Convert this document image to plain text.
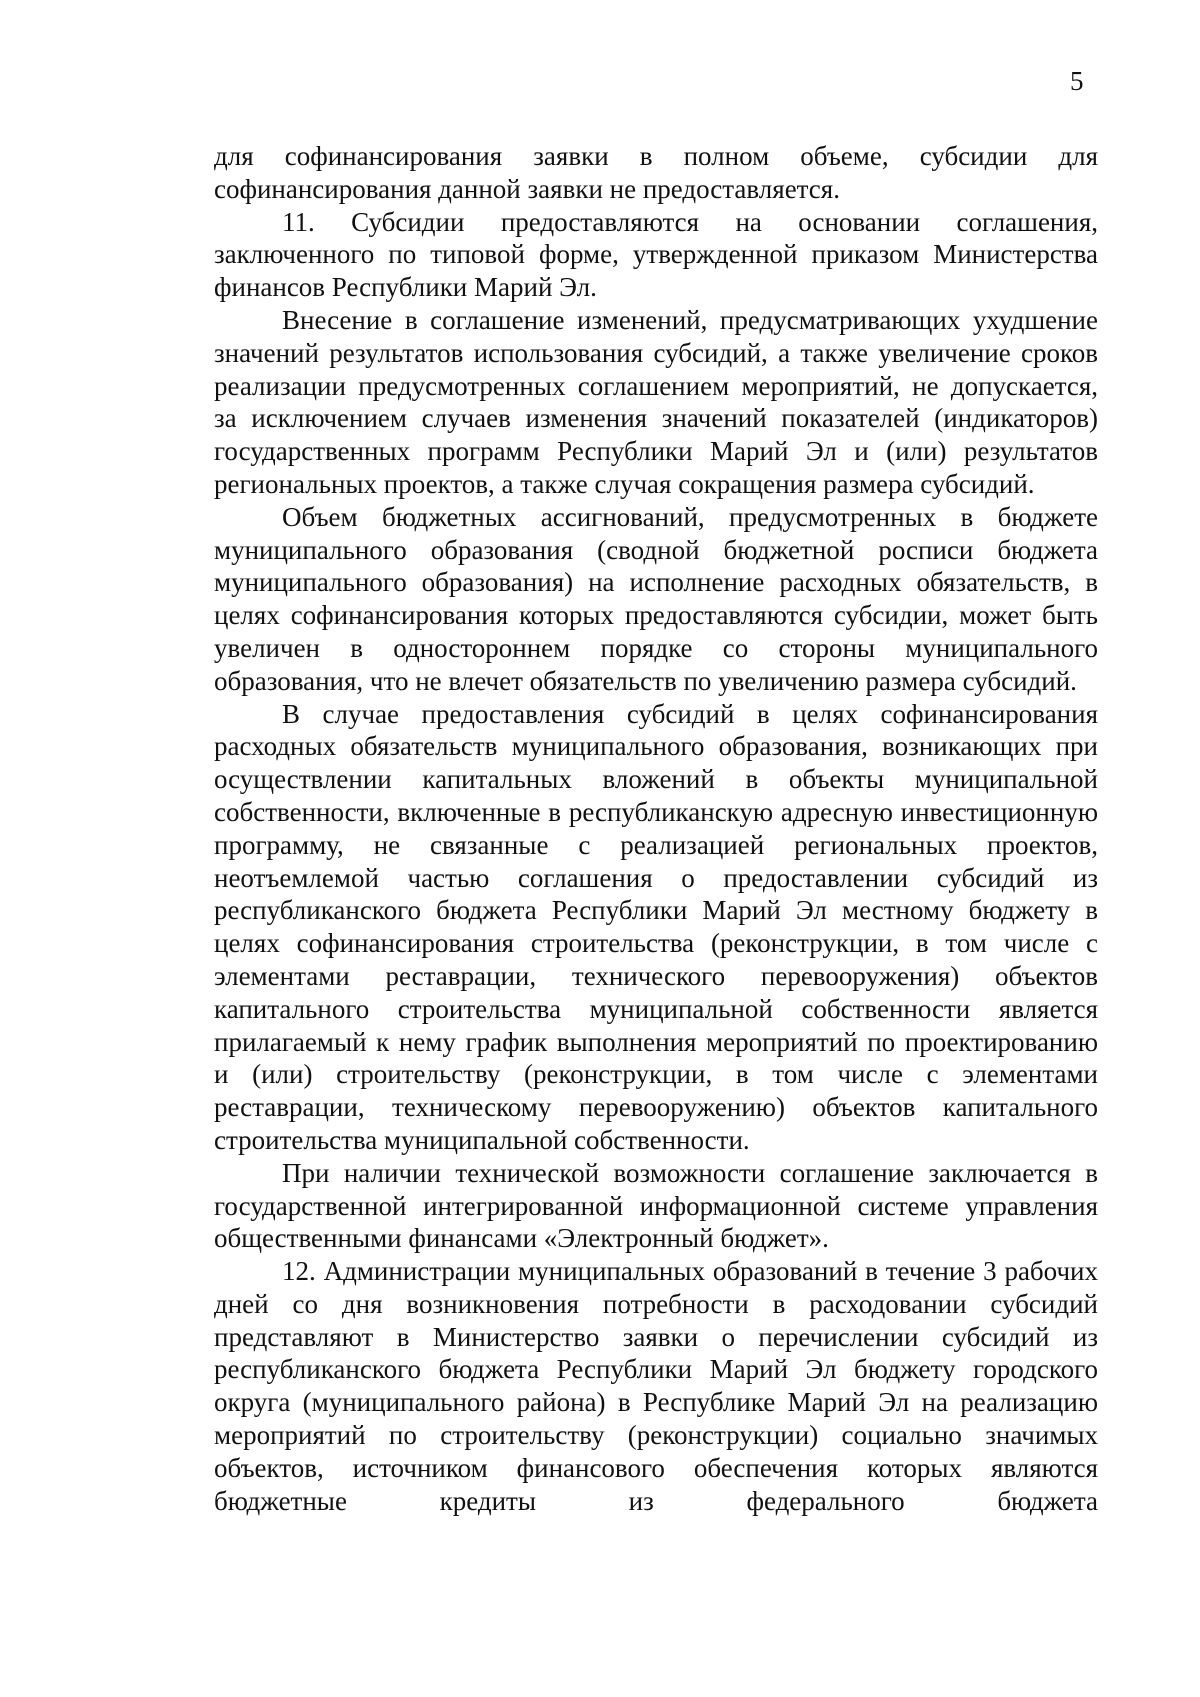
5

для софинансирования заявки в полном объеме, субсидии для софинансирования данной заявки не предоставляется.

11. Субсидии предоставляются на основании соглашения, заключенного по типовой форме, утвержденной приказом Министерства финансов Республики Марий Эл.

Внесение в соглашение изменений, предусматривающих ухудшение значений результатов использования субсидий, а также увеличение сроков реализации предусмотренных соглашением мероприятий, не допускается, за исключением случаев изменения значений показателей (индикаторов) государственных программ Республики Марий Эл и (или) результатов региональных проектов, а также случая сокращения размера субсидий.

Объем бюджетных ассигнований, предусмотренных в бюджете муниципального образования (сводной бюджетной росписи бюджета муниципального образования) на исполнение расходных обязательств, в целях софинансирования которых предоставляются субсидии, может быть увеличен в одностороннем порядке со стороны муниципального образования, что не влечет обязательств по увеличению размера субсидий.

В случае предоставления субсидий в целях софинансирования расходных обязательств муниципального образования, возникающих при осуществлении капитальных вложений в объекты муниципальной собственности, включенные в республиканскую адресную инвестиционную программу, не связанные с реализацией региональных проектов, неотъемлемой частью соглашения о предоставлении субсидий из республиканского бюджета Республики Марий Эл местному бюджету в целях софинансирования строительства (реконструкции, в том числе с элементами реставрации, технического перевооружения) объектов капитального строительства муниципальной собственности является прилагаемый к нему график выполнения мероприятий по проектированию и (или) строительству (реконструкции, в том числе с элементами реставрации, техническому перевооружению) объектов капитального строительства муниципальной собственности.

При наличии технической возможности соглашение заключается в государственной интегрированной информационной системе управления общественными финансами «Электронный бюджет».

12. Администрации муниципальных образований в течение 3 рабочих дней со дня возникновения потребности в расходовании субсидий представляют в Министерство заявки о перечислении субсидий из республиканского бюджета Республики Марий Эл бюджету городского округа (муниципального района) в Республике Марий Эл на реализацию мероприятий по строительству (реконструкции) социально значимых объектов, источником финансового обеспечения которых являются бюджетные кредиты из федерального бюджета
